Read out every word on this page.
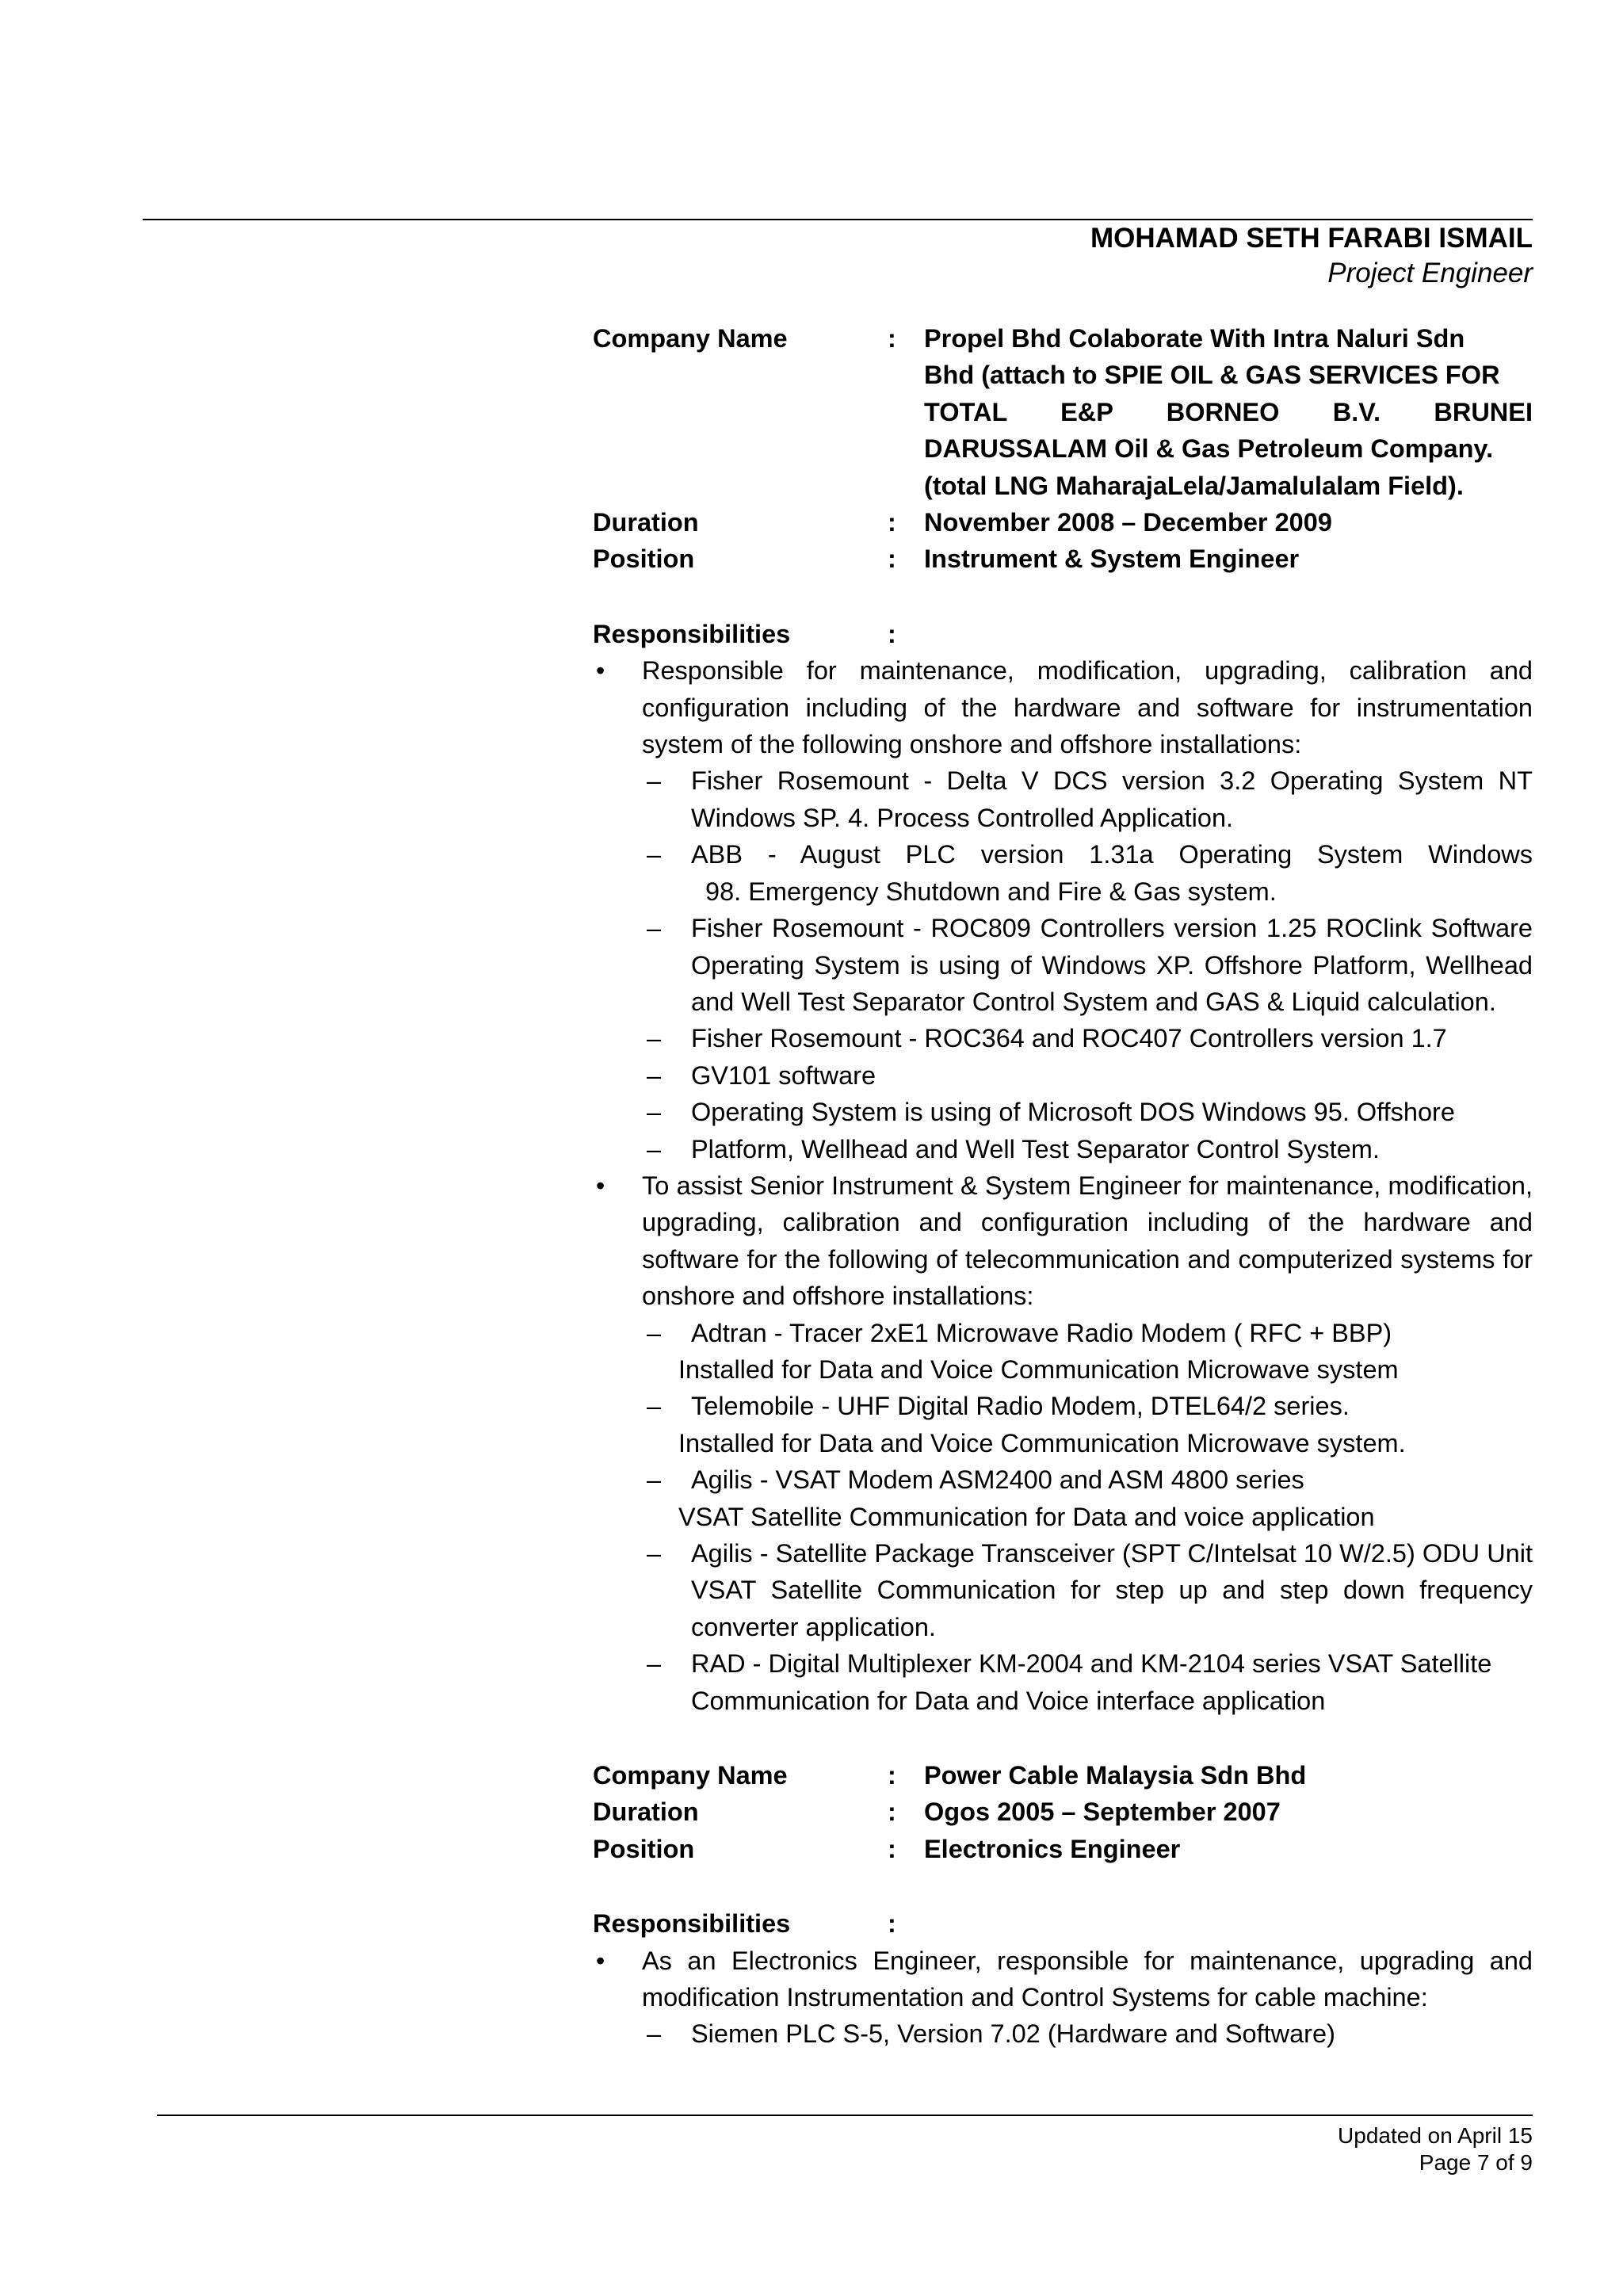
MOHAMAD SETH FARABI ISMAIL
Project Engineer
Company Name	:	Propel Bhd Colaborate With Intra Naluri Sdn
Bhd (attach to SPIE OIL & GAS SERVICES FOR
TOTAL E&P BORNEO B.V. BRUNEI
DARUSSALAM Oil & Gas Petroleum Company.
(total LNG MaharajaLela/Jamalulalam Field).
Duration	:	November 2008 – December 2009
Position	:	Instrument & System Engineer
Responsibilities	:
•	Responsible for maintenance, modification, upgrading, calibration and configuration including of the hardware and software for instrumentation system of the following onshore and offshore installations:
–	Fisher Rosemount - Delta V DCS version 3.2 Operating System NT Windows SP. 4. Process Controlled Application.
–	ABB - August PLC version 1.31a Operating System Windows
98. Emergency Shutdown and Fire & Gas system.
–	Fisher Rosemount - ROC809 Controllers version 1.25 ROClink Software Operating System is using of Windows XP. Offshore Platform, Wellhead and Well Test Separator Control System and GAS & Liquid calculation.
–	Fisher Rosemount - ROC364 and ROC407 Controllers version 1.7
–	GV101 software
–	Operating System is using of Microsoft DOS Windows 95. Offshore
–	Platform, Wellhead and Well Test Separator Control System.
•	To assist Senior Instrument & System Engineer for maintenance, modification, upgrading, calibration and configuration including of the hardware and software for the following of telecommunication and computerized systems for onshore and offshore installations:
–	Adtran - Tracer 2xE1 Microwave Radio Modem ( RFC + BBP)
Installed for Data and Voice Communication Microwave system
–	Telemobile - UHF Digital Radio Modem, DTEL64/2 series.
Installed for Data and Voice Communication Microwave system.
–	Agilis - VSAT Modem ASM2400 and ASM 4800 series
VSAT Satellite Communication for Data and voice application
–	Agilis - Satellite Package Transceiver (SPT C/Intelsat 10 W/2.5) ODU Unit VSAT Satellite Communication for step up and step down frequency converter application.
–	RAD - Digital Multiplexer KM-2004 and KM-2104 series VSAT Satellite Communication for Data and Voice interface application
Company Name	:	Power Cable Malaysia Sdn Bhd
Duration	:	Ogos 2005 – September 2007
Position	:	Electronics Engineer
Responsibilities	:
•	As an Electronics Engineer, responsible for maintenance, upgrading and modification Instrumentation and Control Systems for cable machine:
–	Siemen PLC S-5, Version 7.02 (Hardware and Software)
Updated on April 15
Page 7 of 9
